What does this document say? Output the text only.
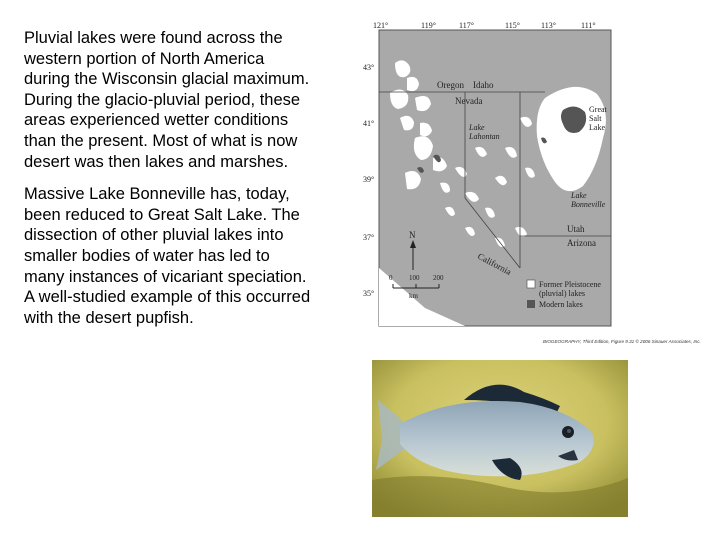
Pluvial lakes were found across the western portion of North America during the Wisconsin glacial maximum. During the glacio-pluvial period, these areas experienced wetter conditions than the present. Most of what is now desert was then lakes and marshes.

Massive Lake Bonneville has, today, been reduced to Great Salt Lake. The dissection of other pluvial lakes into smaller bodies of water has led to many instances of vicariant speciation. A well-studied example of this occurred with the desert pupfish.

121°	119°	117°	115°	113°	111°
43°
41°
39°
37°
35°
Oregon Idaho
Nevada
Utah
Arizona
California
Great
Salt
Lake
Lake
Lahontan
Lake
Bonneville
N
0 100 200
km
Former Pleistocene
(pluvial) lakes
Modern lakes
BIOGEOGRAPHY, Third Edition, Figure 9.31 © 2006 Sinauer Associates, Inc.
